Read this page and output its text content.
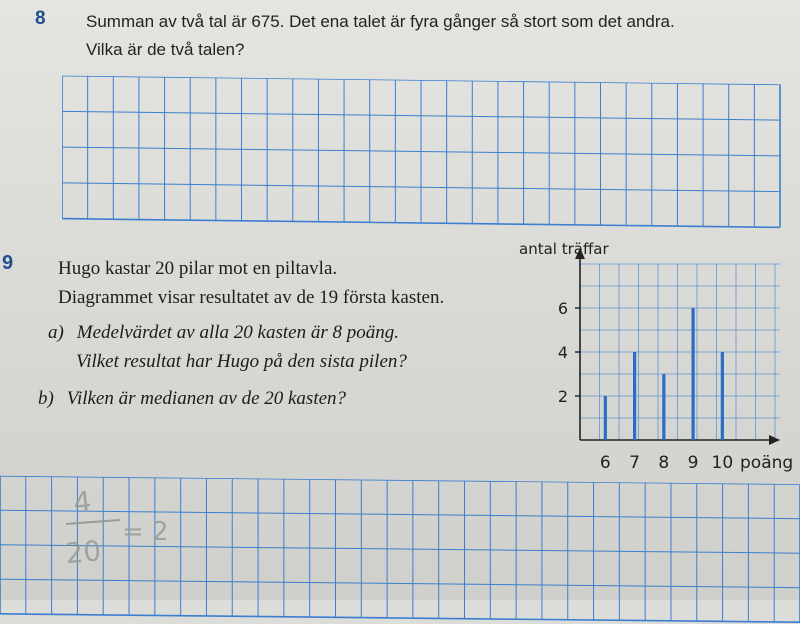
8 Summan av två tal är 675. Det ena talet är fyra gånger så stort som det andra.
Vilka är de två talen?
9 Hugo kastar 20 pilar mot en piltavla.
Diagrammet visar resultatet av de 19 första kasten.
a) Medelvärdet av alla 20 kasten är 8 poäng.
Vilket resultat har Hugo på den sista pilen?
b) Vilken är medianen av de 20 kasten?	2
4
6
antal träffar
6 7 8 9 10 poäng
4
20
= 2
